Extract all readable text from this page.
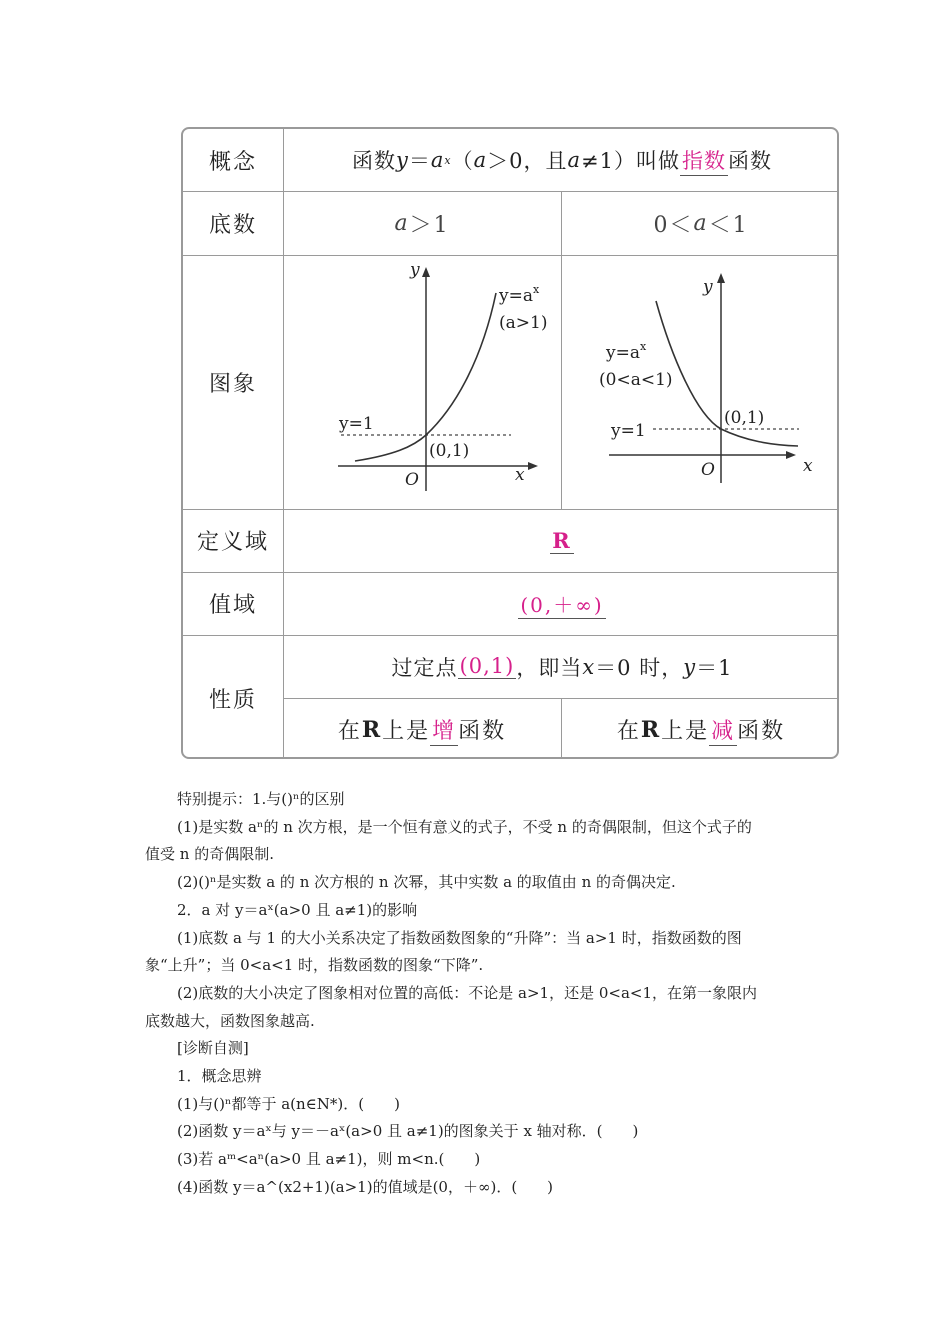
概念
底数
图象
定义域
值域
性质
函数 y ＝ a x （ a ＞0，且 a ≠1）叫做 指数 函数
a ＞1	0＜ a ＜1
y
x
O
(0,1)
y=1
$y=a^x$
(a>1)
y
x
O
(0,1)
y=1
$y=a^x$
(0<a<1)
R
(0,＋∞)
过定点 (0,1) ，即当 x ＝0 时， y ＝1
在 R 上是 增 函数	在 R 上是 减 函数
特别提示：1.与()ⁿ的区别
(1)是实数 aⁿ的 n 次方根，是一个恒有意义的式子，不受 n 的奇偶限制，但这个式子的
值受 n 的奇偶限制.
(2)()ⁿ是实数 a 的 n 次方根的 n 次幂，其中实数 a 的取值由 n 的奇偶决定.
2．a 对 y＝aˣ(a>0 且 a≠1)的影响
(1)底数 a 与 1 的大小关系决定了指数函数图象的“升降”：当 a>1 时，指数函数的图
象“上升”；当 0<a<1 时，指数函数的图象“下降”.
(2)底数的大小决定了图象相对位置的高低：不论是 a>1，还是 0<a<1，在第一象限内
底数越大，函数图象越高.
[诊断自测]
1．概念思辨
(1)与()ⁿ都等于 a(n∈N*)．(　　)
(2)函数 y＝aˣ与 y＝－aˣ(a>0 且 a≠1)的图象关于 x 轴对称．(　　)
(3)若 aᵐ<aⁿ(a>0 且 a≠1)，则 m<n.(　　)
(4)函数 y＝a^(x2+1)(a>1)的值域是(0，＋∞)．(　　)
